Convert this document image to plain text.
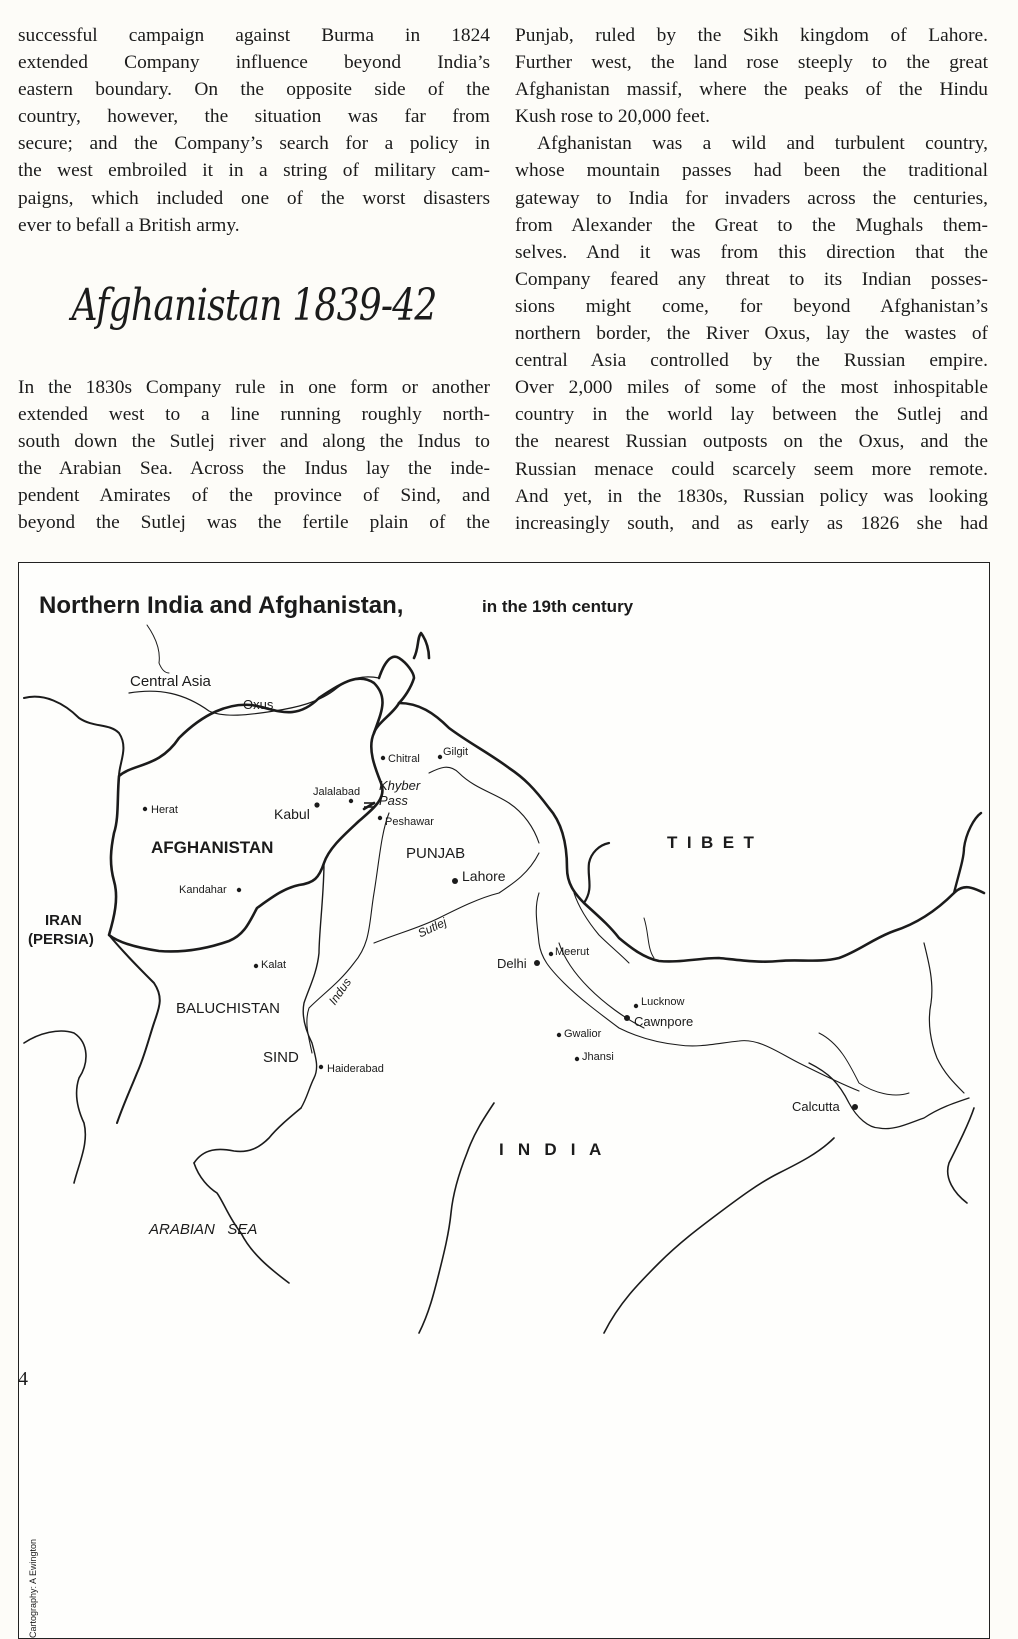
successful campaign against Burma in 1824
extended Company influence beyond India’s
eastern boundary. On the opposite side of the
country, however, the situation was far from
secure; and the Company’s search for a policy in
the west embroiled it in a string of military cam-
paigns, which included one of the worst disasters
ever to befall a British army.
Afghanistan 1839-42
In the 1830s Company rule in one form or another
extended west to a line running roughly north-
south down the Sutlej river and along the Indus to
the Arabian Sea. Across the Indus lay the inde-
pendent Amirates of the province of Sind, and
beyond the Sutlej was the fertile plain of the
Punjab, ruled by the Sikh kingdom of Lahore.
Further west, the land rose steeply to the great
Afghanistan massif, where the peaks of the Hindu
Kush rose to 20,000 feet.
Afghanistan was a wild and turbulent country,
whose mountain passes had been the traditional
gateway to India for invaders across the centuries,
from Alexander the Great to the Mughals them-
selves. And it was from this direction that the
Company feared any threat to its Indian posses-
sions might come, for beyond Afghanistan’s
northern border, the River Oxus, lay the wastes of
central Asia controlled by the Russian empire.
Over 2,000 miles of some of the most inhospitable
country in the world lay between the Sutlej and
the nearest Russian outposts on the Oxus, and the
Russian menace could scarcely seem more remote.
And yet, in the 1830s, Russian policy was looking
increasingly south, and as early as 1826 she had
Northern India and Afghanistan,	in the 19th century
Central Asia
AFGHANISTAN
IRAN
(PERSIA)
BALUCHISTAN
SIND
PUNJAB
T  I  B  E  T
I   N   D   I   A
ARABIAN   SEA
Oxus
Sutlej
Indus
Khyber
Pass
Herat	Kabul
Jalalabad
Chitral
Gilgit
Peshawar
Kandahar
Lahore
Kalat	Delhi
Meerut
Lucknow
Cawnpore
Gwalior
Jhansi
Haiderabad
Calcutta
Cartography: A Ewington
4
